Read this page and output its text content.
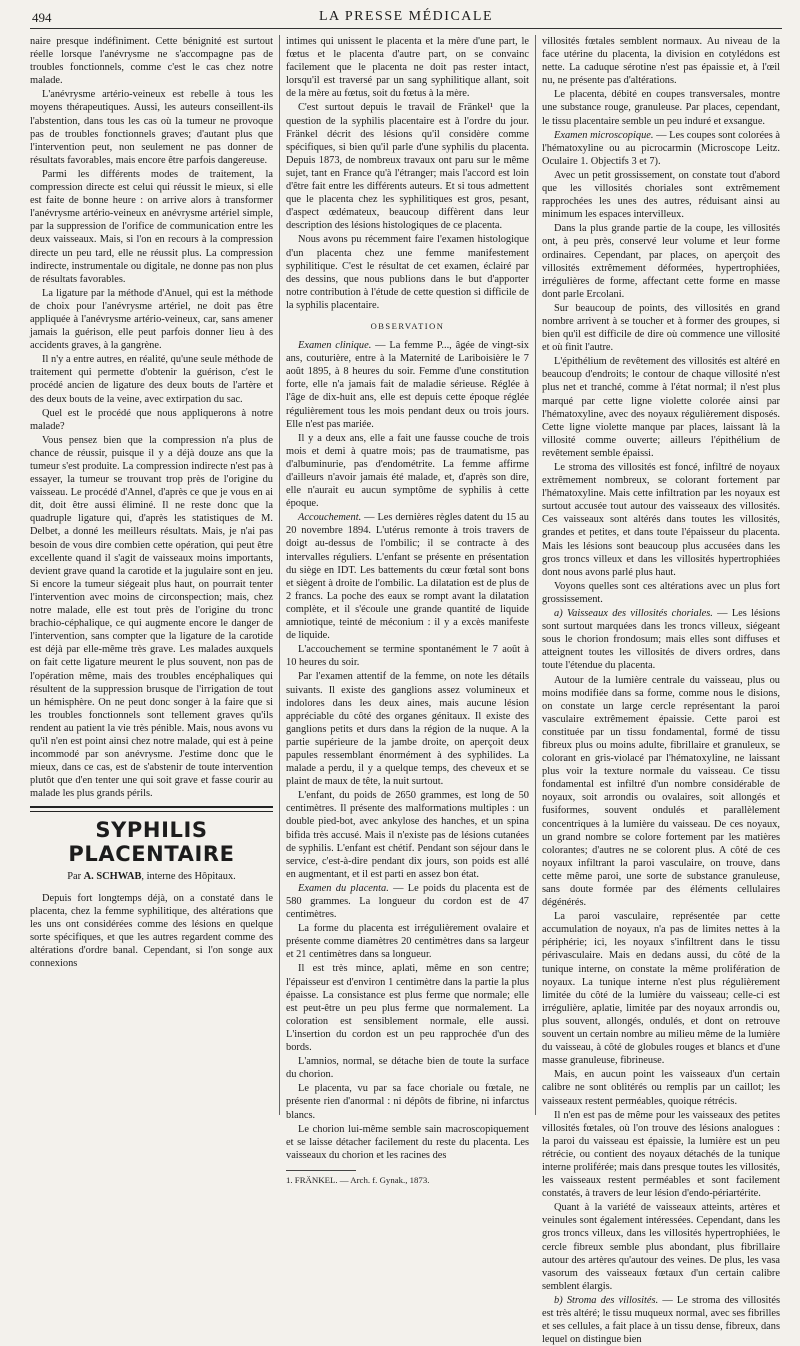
494	LA PRESSE MÉDICALE

naire presque indéfiniment. Cette bénignité est surtout réelle lorsque l'anévrysme ne s'accompagne pas de troubles fonctionnels, comme c'est le cas chez notre malade.

L'anévrysme artério-veineux est rebelle à tous les moyens thérapeutiques. Aussi, les auteurs conseillent-ils l'abstention, dans tous les cas où la tumeur ne provoque pas de troubles fonctionnels graves; d'autant plus que l'intervention peut, non seulement ne pas donner de résultats favorables, mais encore être parfois dangereuse.

Parmi les différents modes de traitement, la compression directe est celui qui réussit le mieux, si elle est faite de bonne heure : on arrive alors à transformer l'anévrysme artério-veineux en anévrysme artériel simple, par la suppression de l'orifice de communication entre les deux vaisseaux. Mais, si l'on en recours à la compression directe un peu tard, elle ne réussit plus. La compression indirecte, instrumentale ou digitale, ne donne pas non plus de résultats favorables.

La ligature par la méthode d'Anuel, qui est la méthode de choix pour l'anévrysme artériel, ne doit pas être appliquée à l'anévrysme artério-veineux, car, sans amener jamais la guérison, elle peut parfois donner lieu à des accidents graves, à la gangrène.

Il n'y a entre autres, en réalité, qu'une seule méthode de traitement qui permette d'obtenir la guérison, c'est le procédé ancien de ligature des deux bouts de l'artère et des deux bouts de la veine, avec extirpation du sac.

Quel est le procédé que nous appliquerons à notre malade?

Vous pensez bien que la compression n'a plus de chance de réussir, puisque il y a déjà douze ans que la tumeur s'est produite. La compression indirecte n'est pas à essayer, la tumeur se trouvant trop près de l'origine du vaisseau. Le procédé d'Annel, d'après ce que je vous en ai dit, doit être aussi éliminé. Il ne reste donc que la quadruple ligature qui, d'après les statistiques de M. Delbet, a donné les meilleurs résultats. Mais, je n'ai pas besoin de vous dire combien cette opération, qui peut être excellente quand il s'agit de vaisseaux moins importants, devient grave quand la carotide et la jugulaire sont en jeu. Si encore la tumeur siégeait plus haut, on pourrait tenter l'intervention avec moins de circonspection; mais, chez notre malade, elle est tout près de l'origine du tronc brachio-céphalique, ce qui augmente encore le danger de l'intervention, sans compter que la ligature de la carotide est déjà par elle-même très grave. Les malades auxquels on fait cette ligature meurent le plus souvent, non pas de l'opération même, mais des troubles encéphaliques qui résultent de la suppression brusque de l'irrigation de tout un hémisphère. On ne peut donc songer à la faire que si les troubles fonctionnels sont tellement graves qu'ils rendent au patient la vie très pénible. Mais, nous avons vu qu'il n'en est point ainsi chez notre malade, qui est à peine incommodé par son anévrysme. J'estime donc que le mieux, dans ce cas, est de s'abstenir de toute intervention plutôt que d'en tenter une qui soit grave et fasse courir au malade les plus grands périls.

SYPHILIS PLACENTAIRE
Par A. SCHWAB, interne des Hôpitaux.

Depuis fort longtemps déjà, on a constaté dans le placenta, chez la femme syphilitique, des altérations que les uns ont considérées comme des lésions en quelque sorte spécifiques, et que les autres regardent comme des altérations d'ordre banal. Cependant, si l'on songe aux connexions

intimes qui unissent le placenta et la mère d'une part, le fœtus et le placenta d'autre part, on se convainc facilement que le placenta ne doit pas rester intact, lorsqu'il est traversé par un sang syphilitique allant, soit de la mère au fœtus, soit du fœtus à la mère.

C'est surtout depuis le travail de Fränkel¹ que la question de la syphilis placentaire est à l'ordre du jour. Fränkel décrit des lésions qu'il considère comme spécifiques, si bien qu'il parle d'une syphilis du placenta. Depuis 1873, de nombreux travaux ont paru sur le même sujet, tant en France qu'à l'étranger; mais l'accord est loin d'être fait entre les différents auteurs. Et si tous admettent que le placenta chez les syphilitiques est gros, pesant, d'aspect œdémateux, beaucoup diffèrent dans leur description des lésions histologiques de ce placenta.

Nous avons pu récemment faire l'examen histologique d'un placenta chez une femme manifestement syphilitique. C'est le résultat de cet examen, éclairé par des dessins, que nous publions dans le but d'apporter notre contribution à l'étude de cette question si difficile de la syphilis placentaire.

OBSERVATION

Examen clinique. — La femme P..., âgée de vingt-six ans, couturière, entre à la Maternité de Lariboisière le 7 août 1895, à 8 heures du soir. Femme d'une constitution forte, elle n'a jamais fait de maladie sérieuse. Réglée à l'âge de dix-huit ans, elle est depuis cette époque réglée régulièrement tous les mois pendant deux ou trois jours. Elle n'est pas mariée.

Il y a deux ans, elle a fait une fausse couche de trois mois et demi à quatre mois; pas de traumatisme, pas d'albuminurie, pas d'endométrite. La femme affirme d'ailleurs n'avoir jamais été malade, et, d'après son dire, elle n'aurait eu aucun symptôme de syphilis à cette époque.

Accouchement. — Les dernières règles datent du 15 au 20 novembre 1894. L'utérus remonte à trois travers de doigt au-dessus de l'ombilic; il se contracte à des intervalles réguliers. L'enfant se présente en présentation du siège en IDT. Les battements du cœur fœtal sont bons et siègent à droite de l'ombilic. La dilatation est de plus de 2 francs. La poche des eaux se rompt avant la dilatation complète, et il s'écoule une grande quantité de liquide amniotique, teinté de méconium : il y a excès manifeste de liquide.

L'accouchement se termine spontanément le 7 août à 10 heures du soir.

Par l'examen attentif de la femme, on note les détails suivants. Il existe des ganglions assez volumineux et indolores dans les deux aines, mais aucune lésion appréciable du côté des organes génitaux. Il existe des ganglions petits et durs dans la région de la nuque. A la partie supérieure de la jambe droite, on aperçoit deux papules ressemblant énormément à des syphilides. La malade a perdu, il y a quelque temps, des cheveux et se plaint de maux de tête, la nuit surtout.

L'enfant, du poids de 2650 grammes, est long de 50 centimètres. Il présente des malformations multiples : un double pied-bot, avec ankylose des hanches, et un spina bifida très accusé. Mais il n'existe pas de lésions cutanées de syphilis. L'enfant est chétif. Pendant son séjour dans le service, c'est-à-dire pendant dix jours, son poids est allé en augmentant, et il est parti en assez bon état.

Examen du placenta. — Le poids du placenta est de 580 grammes. La longueur du cordon est de 47 centimètres.

La forme du placenta est irrégulièrement ovalaire et présente comme diamètres 20 centimètres dans sa largeur et 21 centimètres dans sa longueur.

Il est très mince, aplati, même en son centre; l'épaisseur est d'environ 1 centimètre dans la partie la plus épaisse. La consistance est plus ferme que normale; elle est peut-être un peu plus ferme que normalement. La coloration est sensiblement normale, elle aussi. L'insertion du cordon est un peu rapprochée d'un des bords.

L'amnios, normal, se détache bien de toute la surface du chorion.

Le placenta, vu par sa face choriale ou fœtale, ne présente rien d'anormal : ni dépôts de fibrine, ni infarctus blancs.

Le chorion lui-même semble sain macroscopiquement et se laisse détacher facilement du reste du placenta. Les vaisseaux du chorion et les racines des

1. FRÄNKEL. — Arch. f. Gynak., 1873.

villosités fœtales semblent normaux. Au niveau de la face utérine du placenta, la division en cotylédons est nette. La caduque sérotine n'est pas épaissie et, à l'œil nu, ne présente pas d'altérations.

Le placenta, débité en coupes transversales, montre une substance rouge, granuleuse. Par places, cependant, le tissu placentaire semble un peu induré et exsangue.

Examen microscopique. — Les coupes sont colorées à l'hématoxyline ou au picrocarmin (Microscope Leitz. Oculaire 1. Objectifs 3 et 7).

Avec un petit grossissement, on constate tout d'abord que les villosités choriales sont extrêmement rapprochées les unes des autres, réduisant ainsi au minimum les espaces intervilleux.

Dans la plus grande partie de la coupe, les villosités ont, à peu près, conservé leur volume et leur forme ordinaires. Cependant, par places, on aperçoit des villosités extrêmement déformées, hypertrophiées, irrégulières de forme, affectant cette forme en masse dont parle Ercolani.

Sur beaucoup de points, des villosités en grand nombre arrivent à se toucher et à former des groupes, si bien qu'il est difficile de dire où commence une villosité et où finit l'autre.

L'épithélium de revêtement des villosités est altéré en beaucoup d'endroits; le contour de chaque villosité n'est plus net et tranché, comme à l'état normal; il n'est plus marqué par cette ligne violette colorée ainsi par l'hématoxyline, avec des noyaux régulièrement disposés. Cette ligne violette manque par places, laissant là la villosité comme ouverte; ailleurs l'épithélium de revêtement semble épaissi.

Le stroma des villosités est foncé, infiltré de noyaux extrêmement nombreux, se colorant fortement par l'hématoxyline. Mais cette infiltration par les noyaux est surtout accusée tout autour des vaisseaux des villosités. Ces vaisseaux sont altérés dans toutes les villosités, grandes et petites, et dans toute l'épaisseur du placenta. Mais les lésions sont beaucoup plus accusées dans les gros troncs villeux et dans les villosités hypertrophiées dont nous avons parlé plus haut.

Voyons quelles sont ces altérations avec un plus fort grossissement.

a) Vaisseaux des villosités choriales. — Les lésions sont surtout marquées dans les troncs villeux, siégeant sous le chorion frondosum; mais elles sont diffuses et atteignent toutes les villosités de divers ordres, dans toute l'étendue du placenta.

Autour de la lumière centrale du vaisseau, plus ou moins modifiée dans sa forme, comme nous le disions, on constate un large cercle représentant la paroi vasculaire extrêmement épaissie. Cette paroi est constituée par un tissu fondamental, formé de tissu fibreux plus ou moins adulte, fibrillaire et granuleux, se colorant en gris-violacé par l'hématoxyline, ne laissant plus voir la texture normale du vaisseau. Ce tissu fondamental est infiltré d'un nombre considérable de noyaux, soit arrondis ou ovalaires, soit allongés et fusiformes, souvent ondulés et parallèlement concentriques à la lumière du vaisseau. De ces noyaux, un grand nombre se colore fortement par les matières colorantes; d'autres ne se colorent plus. A côté de ces noyaux infiltrant la paroi vasculaire, on trouve, dans cette même paroi, une sorte de substance granuleuse, sans doute formée par des éléments cellulaires dégénérés.

La paroi vasculaire, représentée par cette accumulation de noyaux, n'a pas de limites nettes à la périphérie; ici, les noyaux s'infiltrent dans le tissu périvasculaire. Mais en dedans aussi, du côté de la tunique interne, on constate la même prolifération de noyaux. La tunique interne n'est plus régulièrement limitée du côté de la lumière du vaisseau; celle-ci est irrégulière, aplatie, limitée par des noyaux arrondis ou, plus souvent, allongés, ondulés, et dont on retrouve souvent un certain nombre au milieu même de la lumière du vaisseau, à côté de globules rouges et blancs et d'une masse granuleuse, fibrineuse.

Mais, en aucun point les vaisseaux d'un certain calibre ne sont oblitérés ou remplis par un caillot; les vaisseaux restent perméables, quoique rétrécis.

Il n'en est pas de même pour les vaisseaux des petites villosités fœtales, où l'on trouve des lésions analogues : la paroi du vaisseau est épaissie, la lumière est un peu rétrécie, ou contient des noyaux détachés de la tunique interne proliférée; mais dans presque toutes les villosités, les vaisseaux restent perméables et sont facilement constatés, à travers de leur lésion d'endo-périartérite.

Quant à la variété de vaisseaux atteints, artères et veinules sont également intéressées. Cependant, dans les gros troncs villeux, dans les villosités hypertrophiées, le cercle fibreux semble plus abondant, plus fibrillaire autour des artères qu'autour des veines. De plus, les vasa vasorum des vaisseaux fœtaux d'un certain calibre semblent élargis.

b) Stroma des villosités. — Le stroma des villosités est très altéré; le tissu muqueux normal, avec ses fibrilles et ses cellules, a fait place à un tissu dense, fibreux, dans lequel on distingue bien
